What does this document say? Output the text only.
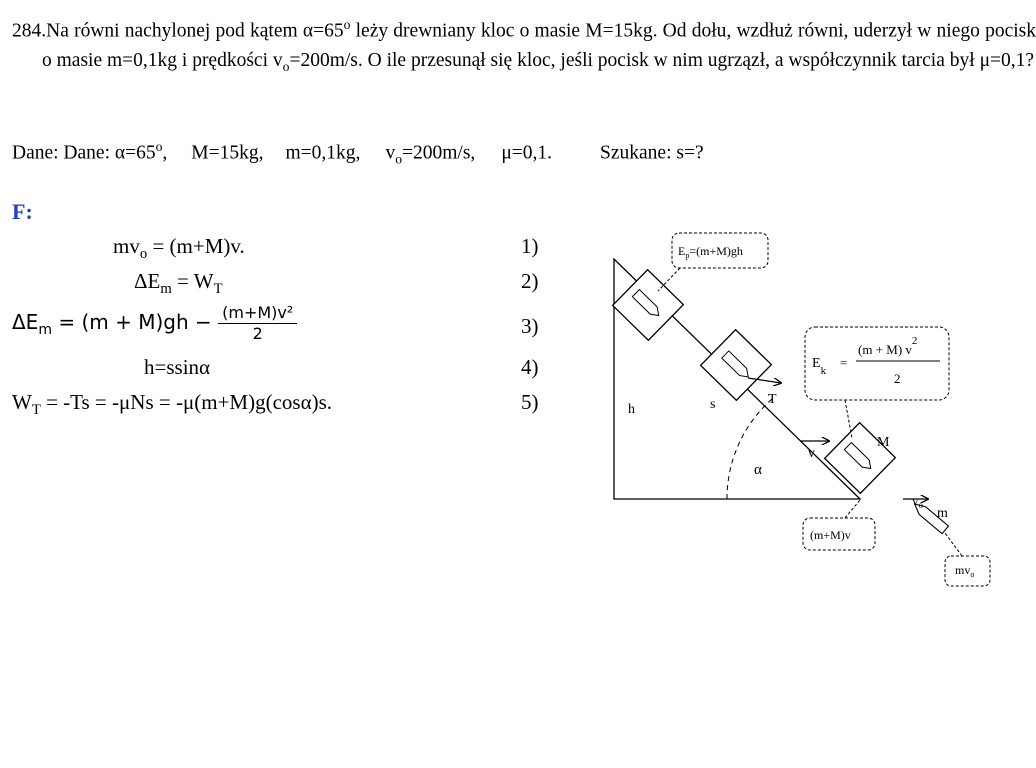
284.Na równi nachylonej pod kątem $\alpha=65^o$ leży drewniany kloc o masie M=15kg. Od dołu, wzdłuż równi, uderzył w niego pocisk o masie m=0,1kg i prędkości $v_o=200m/s$. O ile przesunął się kloc, jeśli pocisk w nim ugrzązł, a współczynnik tarcia był μ=0,1?

Dane: Dane: $\alpha=65^o$, M=15kg, m=0,1kg, $v_o=200m/s$, μ=0,1. Szukane: s=?
F:
$mv_o = (m+M)v$.	1)
$\Delta E_m = W_T$	2)
$\Delta E_m = (m + M)gh - \frac{\text{(m+M)v²}}{2}$	3)
h=ssinα	4)
$W_T = -Ts = -\mu Ns = -\mu(m+M)g(\cos\alpha)s$.	5)
α
h
T
s
M
v
$v_o$
m
$E_p=(m+M)gh$
$E_k$
=
(m + M) $v^2$
2
(m+M)v
$mv_o$
